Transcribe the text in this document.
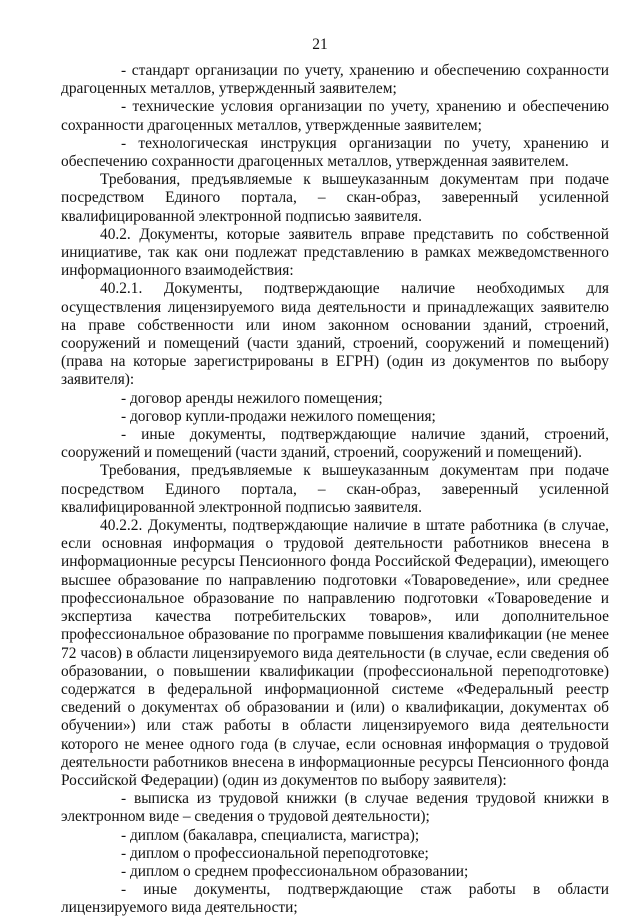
21

- стандарт организации по учету, хранению и обеспечению сохранности драгоценных металлов, утвержденный заявителем;

- технические условия организации по учету, хранению и обеспечению сохранности драгоценных металлов, утвержденные заявителем;

- технологическая инструкция организации по учету, хранению и обеспечению сохранности драгоценных металлов, утвержденная заявителем.

Требования, предъявляемые к вышеуказанным документам при подаче посредством Единого портала, – скан-образ, заверенный усиленной квалифицированной электронной подписью заявителя.

40.2. Документы, которые заявитель вправе представить по собственной инициативе, так как они подлежат представлению в рамках межведомственного информационного взаимодействия:

40.2.1. Документы, подтверждающие наличие необходимых для осуществления лицензируемого вида деятельности и принадлежащих заявителю на праве собственности или ином законном основании зданий, строений, сооружений и помещений (части зданий, строений, сооружений и помещений) (права на которые зарегистрированы в ЕГРН) (один из документов по выбору заявителя):

- договор аренды нежилого помещения;

- договор купли-продажи нежилого помещения;

- иные документы, подтверждающие наличие зданий, строений, сооружений и помещений (части зданий, строений, сооружений и помещений).

Требования, предъявляемые к вышеуказанным документам при подаче посредством Единого портала, – скан-образ, заверенный усиленной квалифицированной электронной подписью заявителя.

40.2.2. Документы, подтверждающие наличие в штате работника (в случае, если основная информация о трудовой деятельности работников внесена в информационные ресурсы Пенсионного фонда Российской Федерации), имеющего высшее образование по направлению подготовки «Товароведение», или среднее профессиональное образование по направлению подготовки «Товароведение и экспертиза качества потребительских товаров», или дополнительное профессиональное образование по программе повышения квалификации (не менее 72 часов) в области лицензируемого вида деятельности (в случае, если сведения об образовании, о повышении квалификации (профессиональной переподготовке) содержатся в федеральной информационной системе «Федеральный реестр сведений о документах об образовании и (или) о квалификации, документах об обучении») или стаж работы в области лицензируемого вида деятельности которого не менее одного года (в случае, если основная информация о трудовой деятельности работников внесена в информационные ресурсы Пенсионного фонда Российской Федерации) (один из документов по выбору заявителя):

- выписка из трудовой книжки (в случае ведения трудовой книжки в электронном виде – сведения о трудовой деятельности);

- диплом (бакалавра, специалиста, магистра);

- диплом о профессиональной переподготовке;

- диплом о среднем профессиональном образовании;

- иные документы, подтверждающие стаж работы в области лицензируемого вида деятельности;
